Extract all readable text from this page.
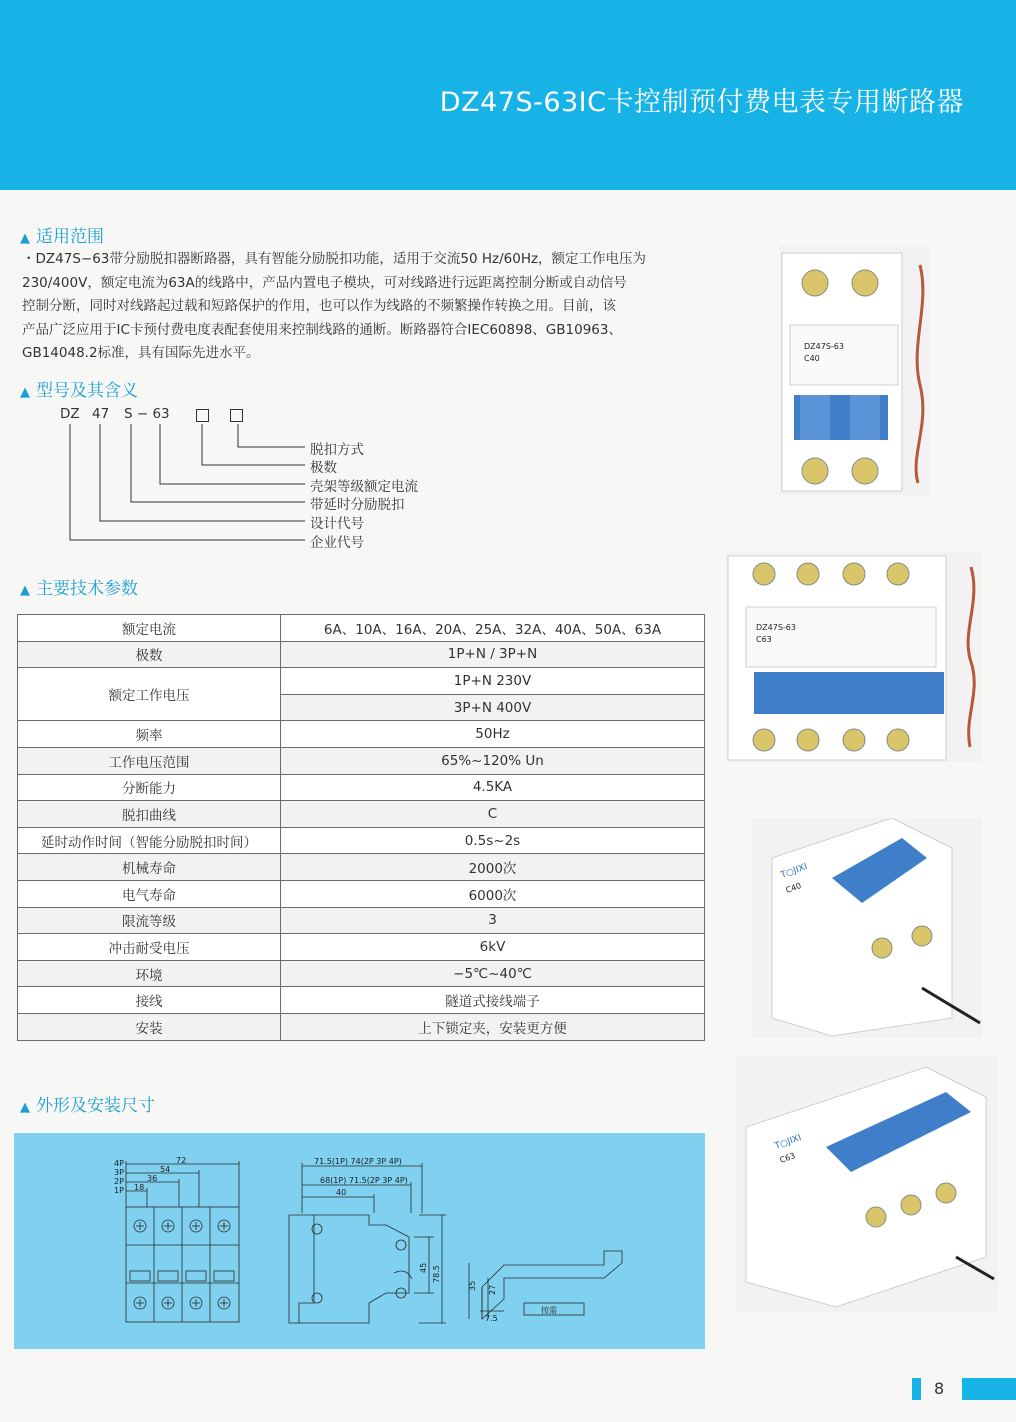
DZ47S-63IC卡控制预付费电表专用断路器
▲ 适用范围
・DZ47S−63带分励脱扣器断路器，具有智能分励脱扣功能，适用于交流50 Hz/60Hz，额定工作电压为
230/400V，额定电流为63A的线路中，产品内置电子模块，可对线路进行远距离控制分断或自动信号
控制分断，同时对线路起过载和短路保护的作用，也可以作为线路的不频繁操作转换之用。目前，该
产品广泛应用于IC卡预付费电度表配套使用来控制线路的通断。断路器符合IEC60898、GB10963、
GB14048.2标准，具有国际先进水平。
▲ 型号及其含义
DZ 47 S − 63
脱扣方式
极数
壳架等级额定电流
带延时分励脱扣
设计代号
企业代号
▲ 主要技术参数
额定电流	6A、10A、16A、20A、25A、32A、40A、50A、63A
极数	1P+N / 3P+N
额定工作电压	1P+N 230V
	3P+N 400V
频率	50Hz
工作电压范围	65%~120% Un
分断能力	4.5KA
脱扣曲线	C
延时动作时间（智能分励脱扣时间）	0.5s~2s
机械寿命	2000次
电气寿命	6000次
限流等级	3
冲击耐受电压	6kV
环境	−5℃~40℃
接线	隧道式接线端子
安装	上下锁定夹，安装更方便
▲ 外形及安装尺寸
4P
3P
2P
1P
72
54
36
18
71.5(1P) 74(2P 3P 4P)
68(1P) 71.5(2P 3P 4P)
40
45 78.5
35 27
7.5
按需
DZ47S-63
C40
DZ47S-63
C63
T○JIXI
C40
T○JIXI
C63
8
